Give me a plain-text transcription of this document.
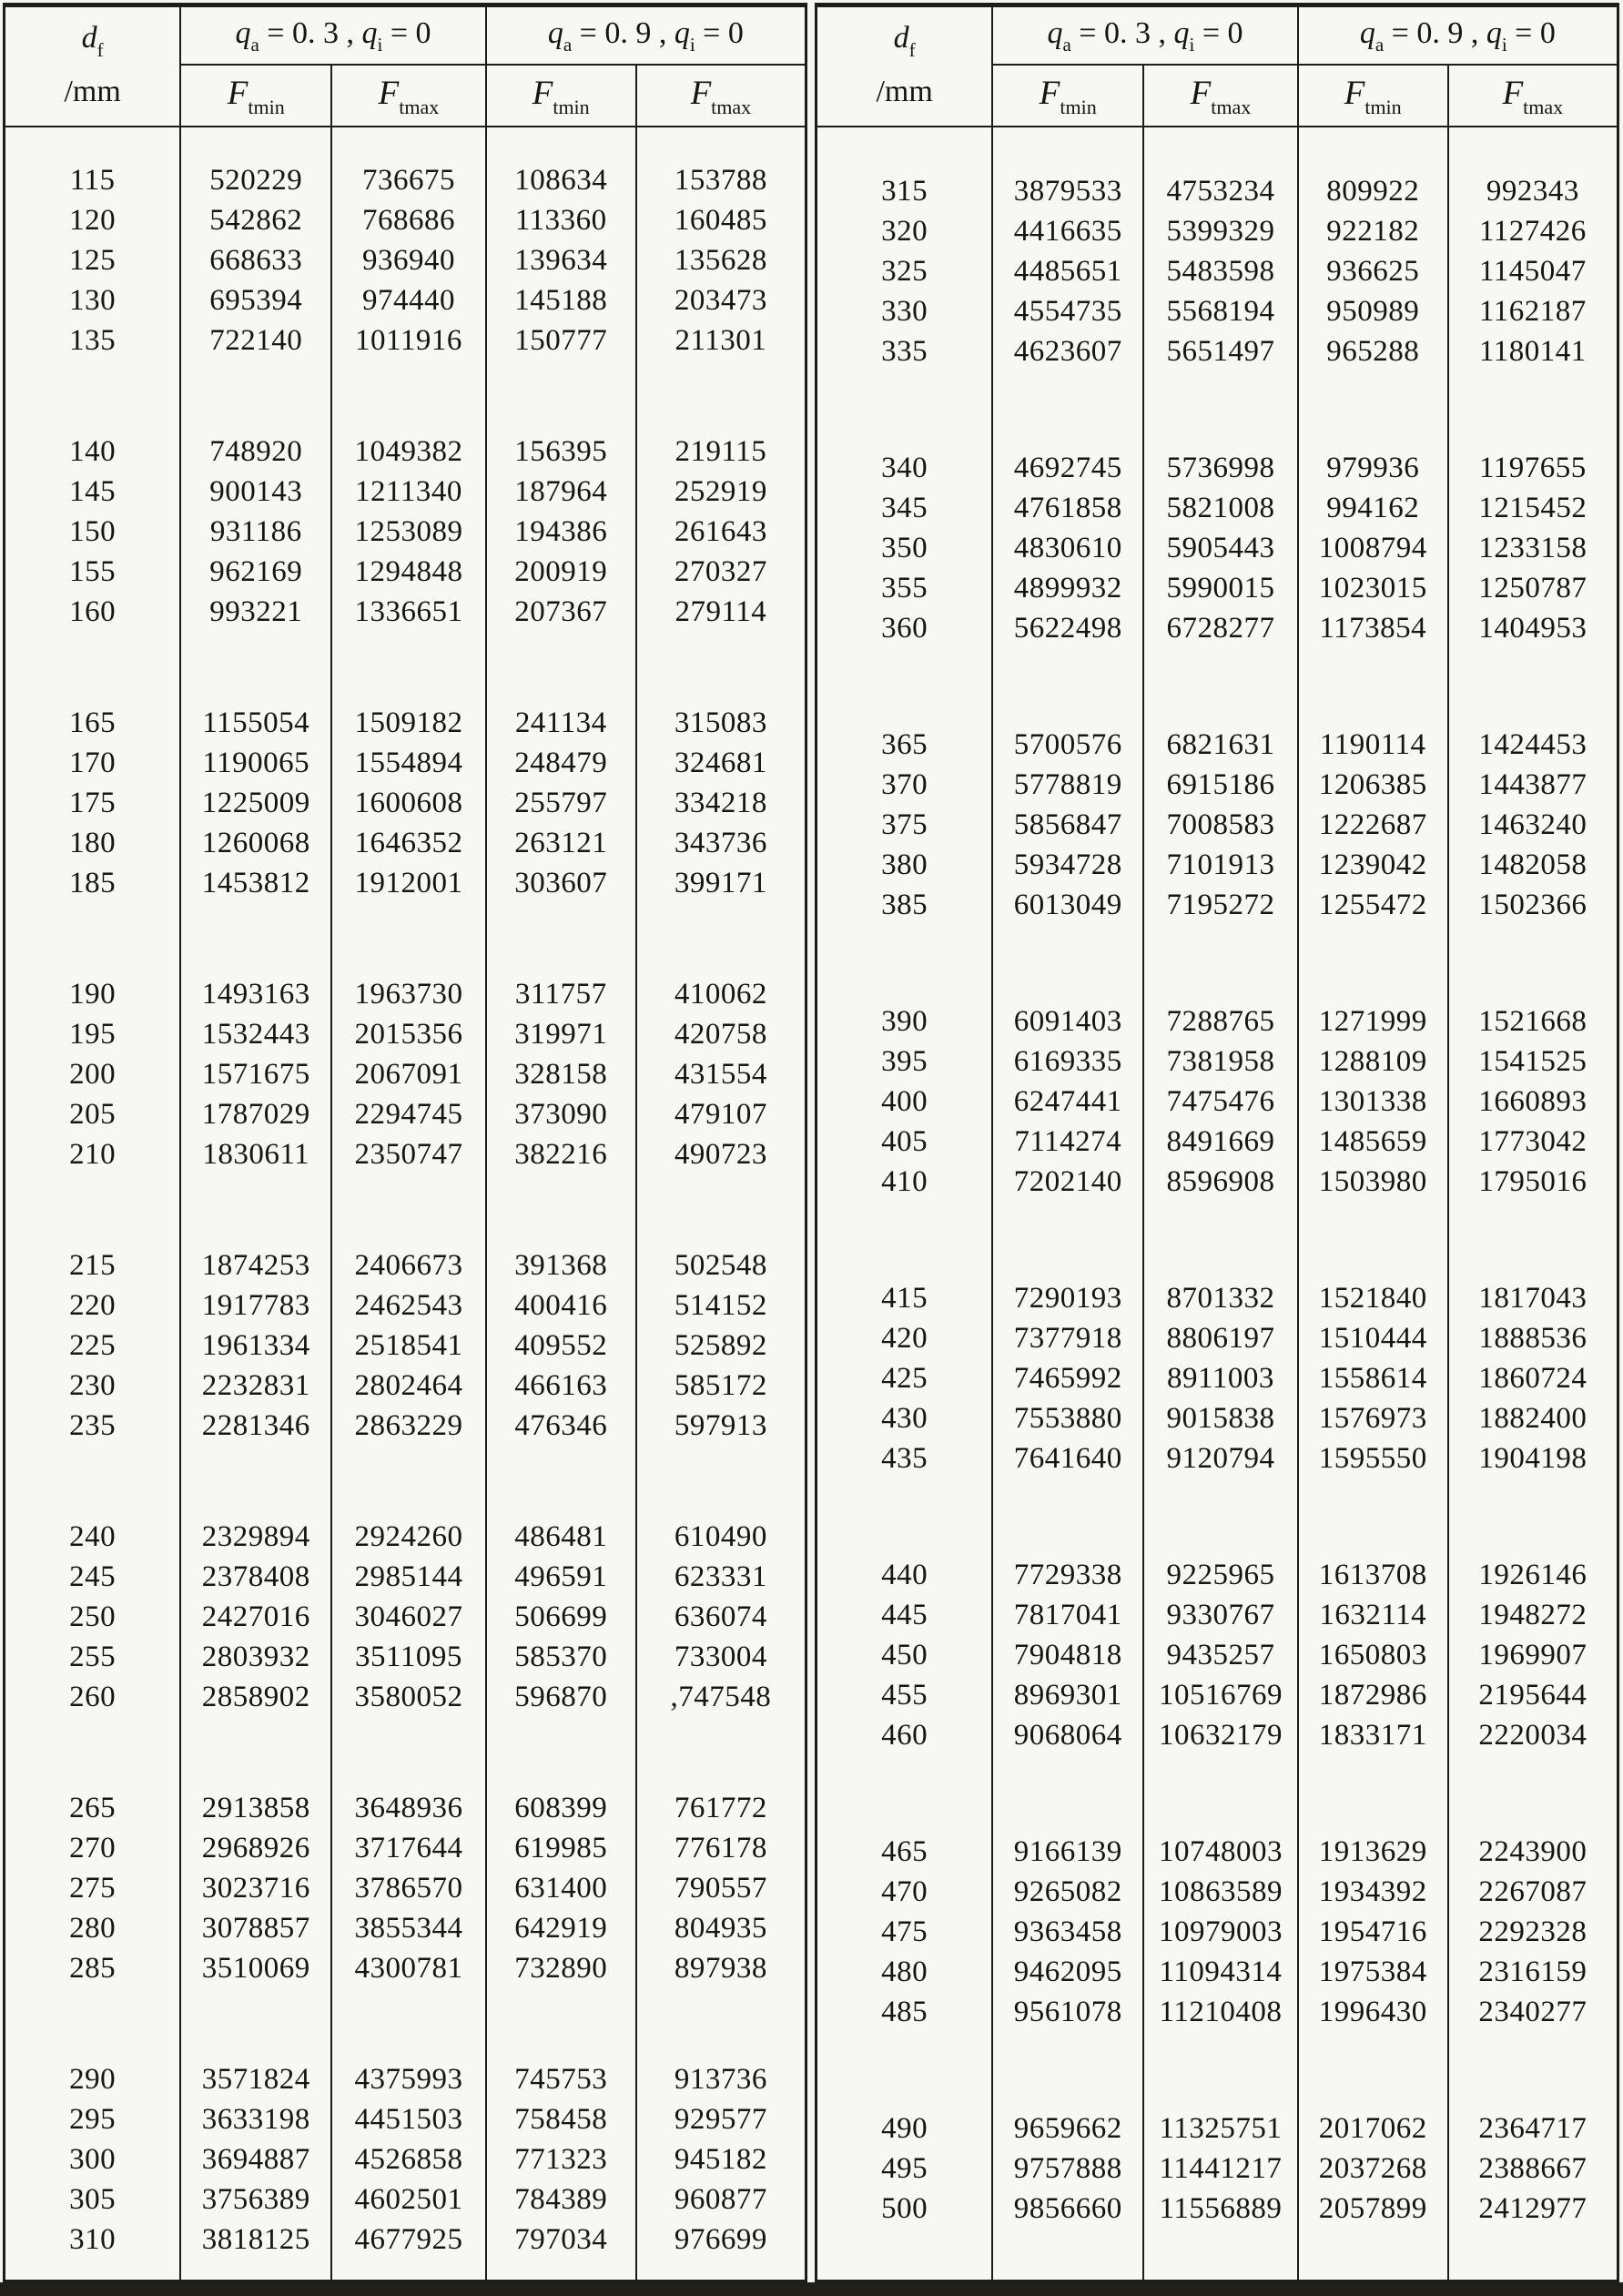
$d_f$
/mm	$q_a = 0$. 3 , $q_i = 0$		$q_a = 0$. 9 , $q_i = 0$	
	$F_{tmin}$	$F_{tmax}$	$F_{tmin}$	$F_{tmax}$

115	520229	736675	108634	153788
120	542862	768686	113360	160485
125	668633	936940	139634	135628
130	695394	974440	145188	203473
135	722140	1011916	150777	211301

140	748920	1049382	156395	219115
145	900143	1211340	187964	252919
150	931186	1253089	194386	261643
155	962169	1294848	200919	270327
160	993221	1336651	207367	279114

165	1155054	1509182	241134	315083
170	1190065	1554894	248479	324681
175	1225009	1600608	255797	334218
180	1260068	1646352	263121	343736
185	1453812	1912001	303607	399171

190	1493163	1963730	311757	410062
195	1532443	2015356	319971	420758
200	1571675	2067091	328158	431554
205	1787029	2294745	373090	479107
210	1830611	2350747	382216	490723

215	1874253	2406673	391368	502548
220	1917783	2462543	400416	514152
225	1961334	2518541	409552	525892
230	2232831	2802464	466163	585172
235	2281346	2863229	476346	597913

240	2329894	2924260	486481	610490
245	2378408	2985144	496591	623331
250	2427016	3046027	506699	636074
255	2803932	3511095	585370	733004
260	2858902	3580052	596870	,747548

265	2913858	3648936	608399	761772
270	2968926	3717644	619985	776178
275	3023716	3786570	631400	790557
280	3078857	3855344	642919	804935
285	3510069	4300781	732890	897938

290	3571824	4375993	745753	913736
295	3633198	4451503	758458	929577
300	3694887	4526858	771323	945182
305	3756389	4602501	784389	960877
310	3818125	4677925	797034	976699

$d_f$
/mm	$q_a = 0$. 3 , $q_i = 0$		$q_a = 0$. 9 , $q_i = 0$	
	$F_{tmin}$	$F_{tmax}$	$F_{tmin}$	$F_{tmax}$

315	3879533	4753234	809922	992343
320	4416635	5399329	922182	1127426
325	4485651	5483598	936625	1145047
330	4554735	5568194	950989	1162187
335	4623607	5651497	965288	1180141

340	4692745	5736998	979936	1197655
345	4761858	5821008	994162	1215452
350	4830610	5905443	1008794	1233158
355	4899932	5990015	1023015	1250787
360	5622498	6728277	1173854	1404953

365	5700576	6821631	1190114	1424453
370	5778819	6915186	1206385	1443877
375	5856847	7008583	1222687	1463240
380	5934728	7101913	1239042	1482058
385	6013049	7195272	1255472	1502366

390	6091403	7288765	1271999	1521668
395	6169335	7381958	1288109	1541525
400	6247441	7475476	1301338	1660893
405	7114274	8491669	1485659	1773042
410	7202140	8596908	1503980	1795016

415	7290193	8701332	1521840	1817043
420	7377918	8806197	1510444	1888536
425	7465992	8911003	1558614	1860724
430	7553880	9015838	1576973	1882400
435	7641640	9120794	1595550	1904198

440	7729338	9225965	1613708	1926146
445	7817041	9330767	1632114	1948272
450	7904818	9435257	1650803	1969907
455	8969301	10516769	1872986	2195644
460	9068064	10632179	1833171	2220034

465	9166139	10748003	1913629	2243900
470	9265082	10863589	1934392	2267087
475	9363458	10979003	1954716	2292328
480	9462095	11094314	1975384	2316159
485	9561078	11210408	1996430	2340277

490	9659662	11325751	2017062	2364717
495	9757888	11441217	2037268	2388667
500	9856660	11556889	2057899	2412977
